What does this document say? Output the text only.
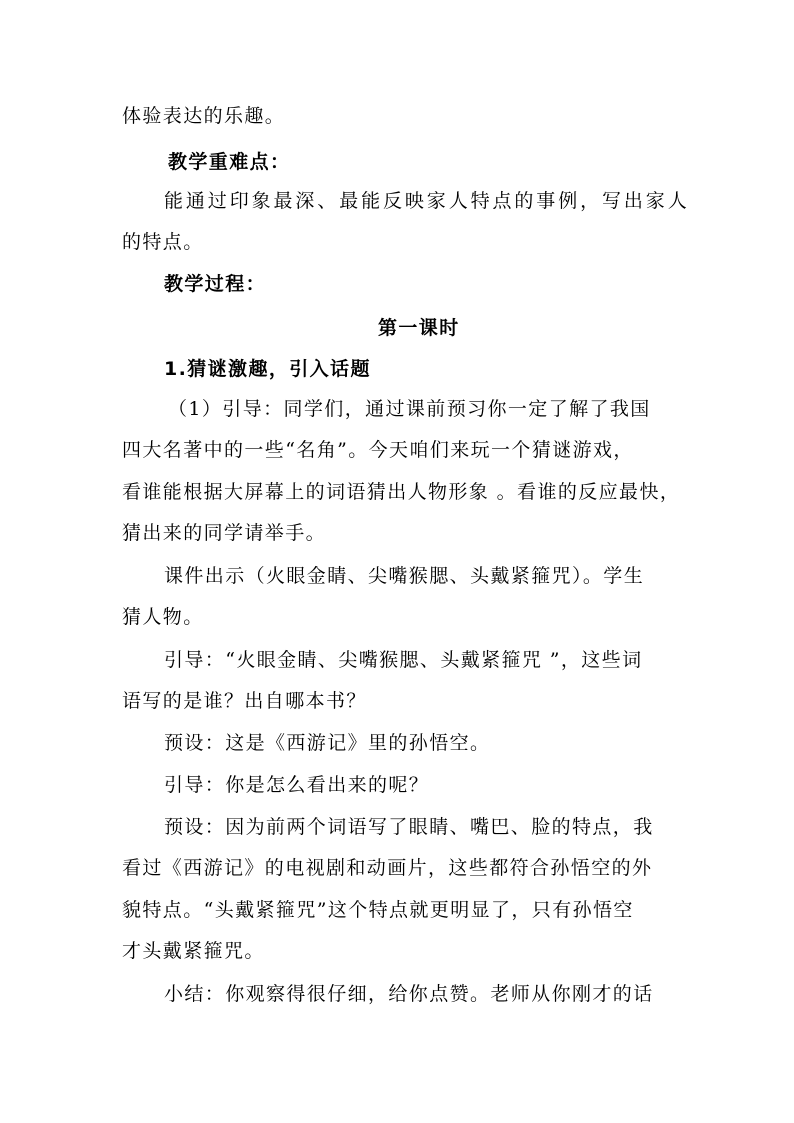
体验表达的乐趣。
教学重难点：
能通过印象最深、最能反映家人特点的事例，写出家人
的特点。
教学过程：
第一课时
1.猜谜激趣，引入话题
（1）引导：同学们，通过课前预习你一定了解了我国
四大名著中的一些“名角”。今天咱们来玩一个猜谜游戏，
看谁能根据大屏幕上的词语猜出人物形象 。看谁的反应最快，
猜出来的同学请举手。
课件出示（火眼金睛、尖嘴猴腮、头戴紧箍咒）。学生
猜人物。
引导：“火眼金睛、尖嘴猴腮、头戴紧箍咒 ”，这些词
语写的是谁？出自哪本书？
预设：这是《西游记》里的孙悟空。
引导：你是怎么看出来的呢？
预设：因为前两个词语写了眼睛、嘴巴、脸的特点，我
看过《西游记》的电视剧和动画片，这些都符合孙悟空的外
貌特点。“头戴紧箍咒”这个特点就更明显了，只有孙悟空
才头戴紧箍咒。
小结：你观察得很仔细，给你点赞。老师从你刚才的话
